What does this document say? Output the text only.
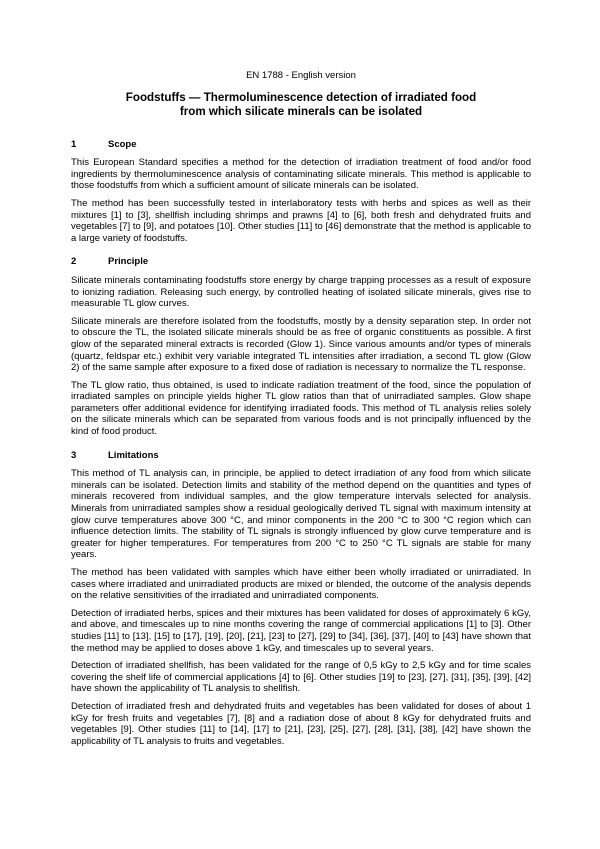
EN 1788 - English version
Foodstuffs — Thermoluminescence detection of irradiated food
from which silicate minerals can be isolated
1	Scope

This European Standard specifies a method for the detection of irradiation treatment of food and/or food ingredients by thermoluminescence analysis of contaminating silicate minerals. This method is applicable to those foodstuffs from which a sufficient amount of silicate minerals can be isolated.

The method has been successfully tested in interlaboratory tests with herbs and spices as well as their mixtures [1] to [3], shellfish including shrimps and prawns [4] to [6], both fresh and dehydrated fruits and vegetables [7] to [9], and potatoes [10]. Other studies [11] to [46] demonstrate that the method is applicable to a large variety of foodstuffs.

2	Principle

Silicate minerals contaminating foodstuffs store energy by charge trapping processes as a result of exposure to ionizing radiation. Releasing such energy, by controlled heating of isolated silicate minerals, gives rise to measurable TL glow curves.

Silicate minerals are therefore isolated from the foodstuffs, mostly by a density separation step. In order not to obscure the TL, the isolated silicate minerals should be as free of organic constituents as possible. A first glow of the separated mineral extracts is recorded (Glow 1). Since various amounts and/or types of minerals (quartz, feldspar etc.) exhibit very variable integrated TL intensities after irradiation, a second TL glow (Glow 2) of the same sample after exposure to a fixed dose of radiation is necessary to normalize the TL response.

The TL glow ratio, thus obtained, is used to indicate radiation treatment of the food, since the population of irradiated samples on principle yields higher TL glow ratios than that of unirradiated samples. Glow shape parameters offer additional evidence for identifying irradiated foods. This method of TL analysis relies solely on the silicate minerals which can be separated from various foods and is not principally influenced by the kind of food product.

3	Limitations

This method of TL analysis can, in principle, be applied to detect irradiation of any food from which silicate minerals can be isolated. Detection limits and stability of the method depend on the quantities and types of minerals recovered from individual samples, and the glow temperature intervals selected for analysis. Minerals from unirradiated samples show a residual geologically derived TL signal with maximum intensity at glow curve temperatures above 300 °C, and minor components in the 200 °C to 300 °C region which can influence detection limits. The stability of TL signals is strongly influenced by glow curve temperature and is greater for higher temperatures. For temperatures from 200 °C to 250 °C TL signals are stable for many years.

The method has been validated with samples which have either been wholly irradiated or unirradiated. In cases where irradiated and unirradiated products are mixed or blended, the outcome of the analysis depends on the relative sensitivities of the irradiated and unirradiated components.

Detection of irradiated herbs, spices and their mixtures has been validated for doses of approximately 6 kGy, and above, and timescales up to nine months covering the range of commercial applications [1] to [3]. Other studies [11] to [13], [15] to [17], [19], [20], [21], [23] to [27], [29] to [34], [36], [37], [40] to [43] have shown that the method may be applied to doses above 1 kGy, and timescales up to several years.

Detection of irradiated shellfish, has been validated for the range of 0,5 kGy to 2,5 kGy and for time scales covering the shelf life of commercial applications [4] to [6]. Other studies [19] to [23], [27], [31], [35], [39], [42] have shown the applicability of TL analysis to shellfish.

Detection of irradiated fresh and dehydrated fruits and vegetables has been validated for doses of about 1 kGy for fresh fruits and vegetables [7], [8] and a radiation dose of about 8 kGy for dehydrated fruits and vegetables [9]. Other studies [11] to [14], [17] to [21], [23], [25], [27], [28], [31], [38], [42] have shown the applicability of TL analysis to fruits and vegetables.
